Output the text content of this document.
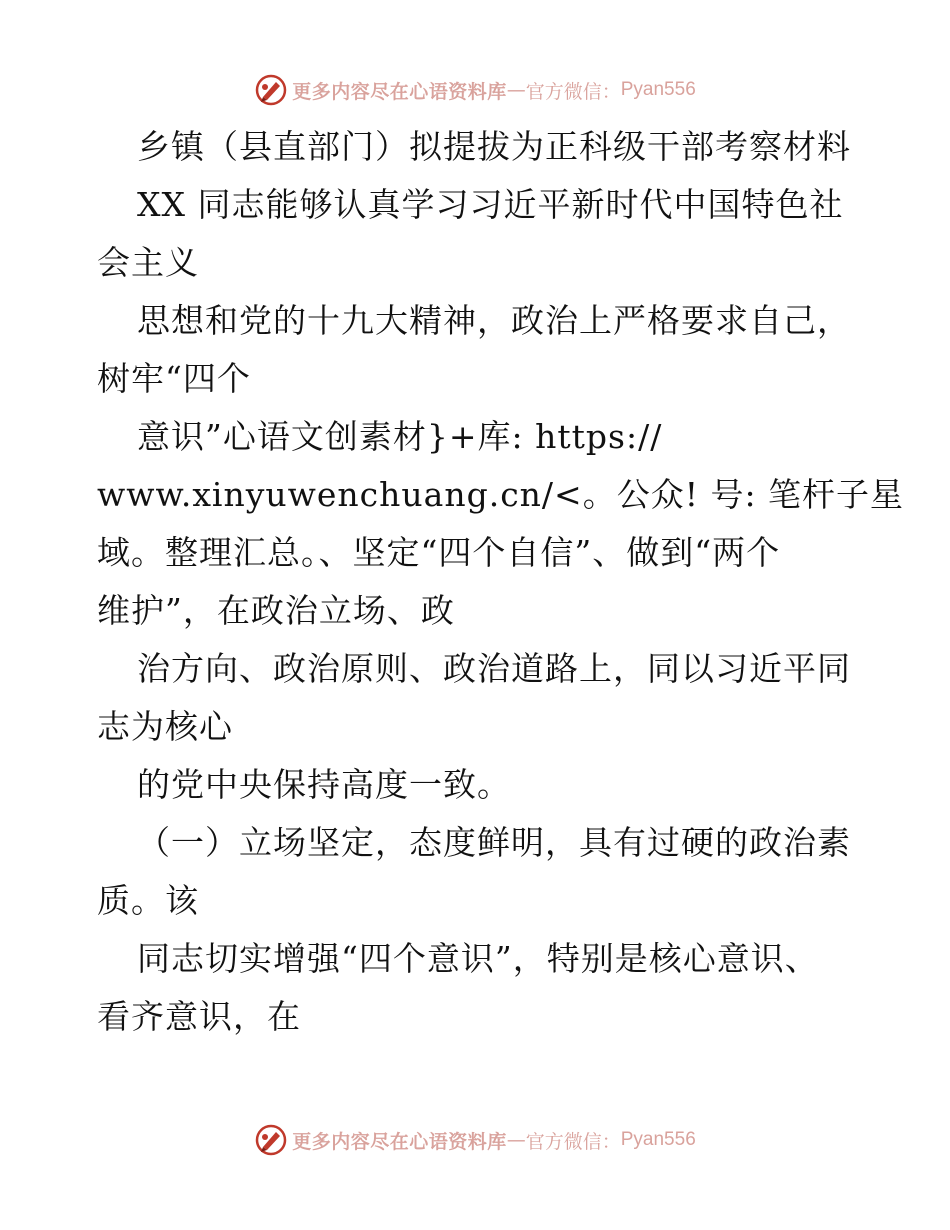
更多内容尽在心语资料库 — 官方微信： Pyan556
乡镇（县直部门）拟提拔为正科级干部考察材料
XX 同志能够认真学习习近平新时代中国特色社
会主义
思想和党的十九大精神，政治上严格要求自己，
树牢“四个
意识”心语文创素材}+库: https://
www.xinyuwenchuang.cn/<。公众! 号: 笔杆子星
域。整理汇总。、坚定“四个自信”、做到“两个
维护”，在政治立场、政
治方向、政治原则、政治道路上，同以习近平同
志为核心
的党中央保持高度一致。
（一）立场坚定，态度鲜明，具有过硬的政治素
质。该
同志切实增强“四个意识”，特别是核心意识、
看齐意识，在
更多内容尽在心语资料库 — 官方微信： Pyan556
